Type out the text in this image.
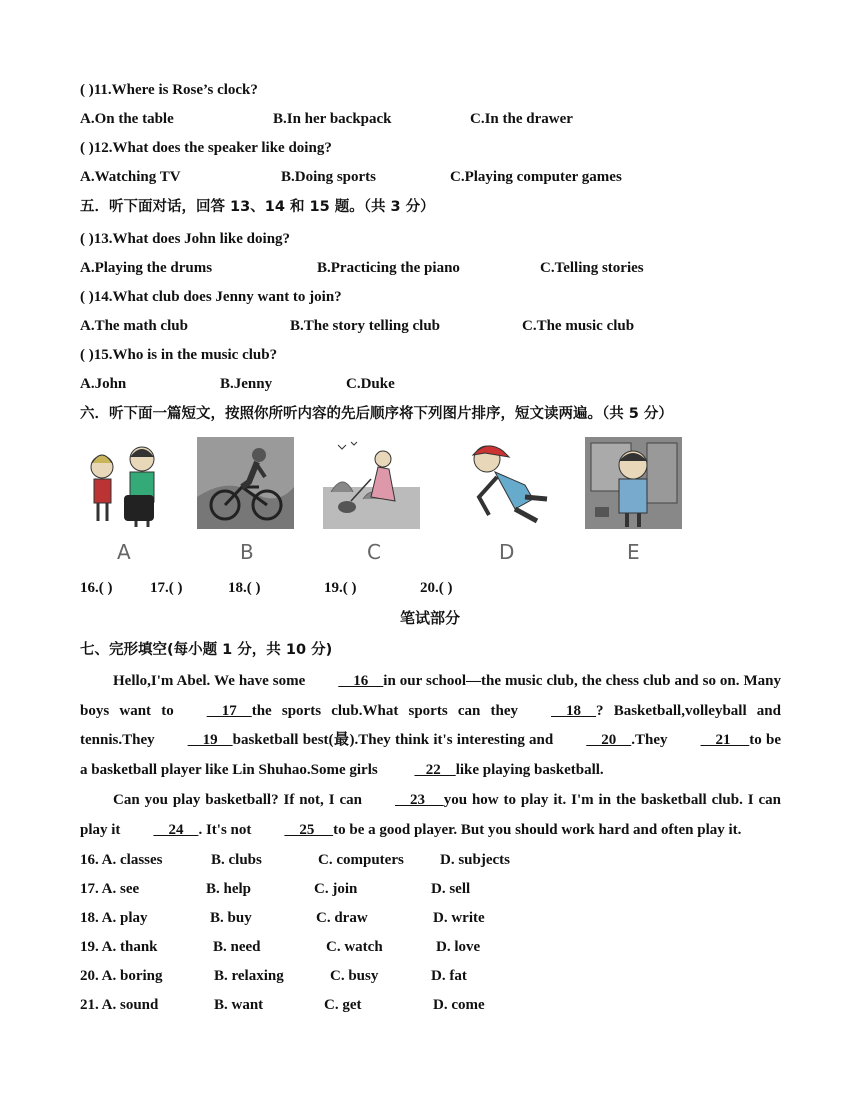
( )11.Where is Rose’s clock?
A.On the table	B.In her backpack	C.In the drawer
( )12.What does the speaker like doing?
A.Watching TV	B.Doing sports	C.Playing computer games
五．听下面对话，回答 13、14 和 15 题。（共 3 分）
( )13.What does John like doing?
A.Playing the drums	B.Practicing the piano	C.Telling stories
( )14.What club does Jenny want to join?
A.The math club	B.The story telling club	C.The music club
( )15.Who is in the music club?
A.John	B.Jenny	C.Duke
六．听下面一篇短文，按照你所听内容的先后顺序将下列图片排序，短文读两遍。（共 5 分）
A	B	C	D	E
16.( )	17.( )	18.( )	19.( )	20.( )
笔试部分
七、完形填空(每小题 1 分，共 10 分)
Hello,I'm Abel. We have some    16    in our school—the music club, the chess club and so on. Many boys want to    17    the sports club.What sports can they    18    ? Basketball,volleyball and tennis.They    19    basketball best(最).They think it's interesting and    20    .They    21     to be a basketball player like Lin Shuhao.Some girls    22    like playing basketball.
Can you play basketball? If not, I can    23     you how to play it. I'm in the basketball club. I can play it    24    . It's not    25     to be a good player. But you should work hard and often play it.
16. A. classes	B. clubs	C. computers D. subjects
17. A. see	B. help	C. join	D. sell
18. A. play	B. buy	C. draw	D. write
19. A. thank	B. need	C. watch	D. love
20. A. boring	B. relaxing	C. busy	D. fat
21. A. sound	B. want	C. get	D. come
